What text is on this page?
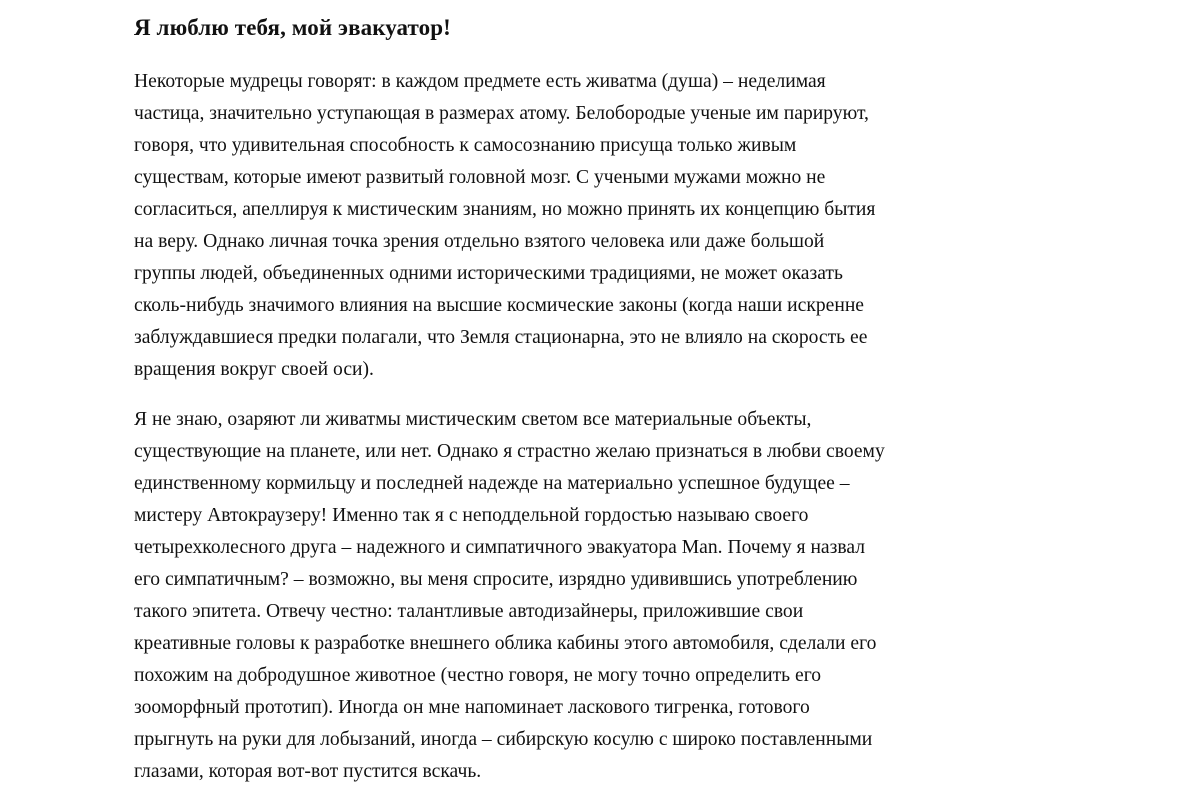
Я люблю тебя, мой эвакуатор!

Некоторые мудрецы говорят: в каждом предмете есть живатма (душа) – неделимая
частица, значительно уступающая в размерах атому. Белобородые ученые им парируют,
говоря, что удивительная способность к самосознанию присуща только живым
существам, которые имеют развитый головной мозг. С учеными мужами можно не
согласиться, апеллируя к мистическим знаниям, но можно принять их концепцию бытия
на веру. Однако личная точка зрения отдельно взятого человека или даже большой
группы людей, объединенных одними историческими традициями, не может оказать
сколь-нибудь значимого влияния на высшие космические законы (когда наши искренне
заблуждавшиеся предки полагали, что Земля стационарна, это не влияло на скорость ее
вращения вокруг своей оси).

Я не знаю, озаряют ли живатмы мистическим светом все материальные объекты,
существующие на планете, или нет. Однако я страстно желаю признаться в любви своему
единственному кормильцу и последней надежде на материально успешное будущее –
мистеру Автокраузеру! Именно так я с неподдельной гордостью называю своего
четырехколесного друга – надежного и симпатичного эвакуатора Man. Почему я назвал
его симпатичным? – возможно, вы меня спросите, изрядно удивившись употреблению
такого эпитета. Отвечу честно: талантливые автодизайнеры, приложившие свои
креативные головы к разработке внешнего облика кабины этого автомобиля, сделали его
похожим на добродушное животное (честно говоря, не могу точно определить его
зооморфный прототип). Иногда он мне напоминает ласкового тигренка, готового
прыгнуть на руки для лобызаний, иногда – сибирскую косулю с широко поставленными
глазами, которая вот-вот пустится вскачь.
